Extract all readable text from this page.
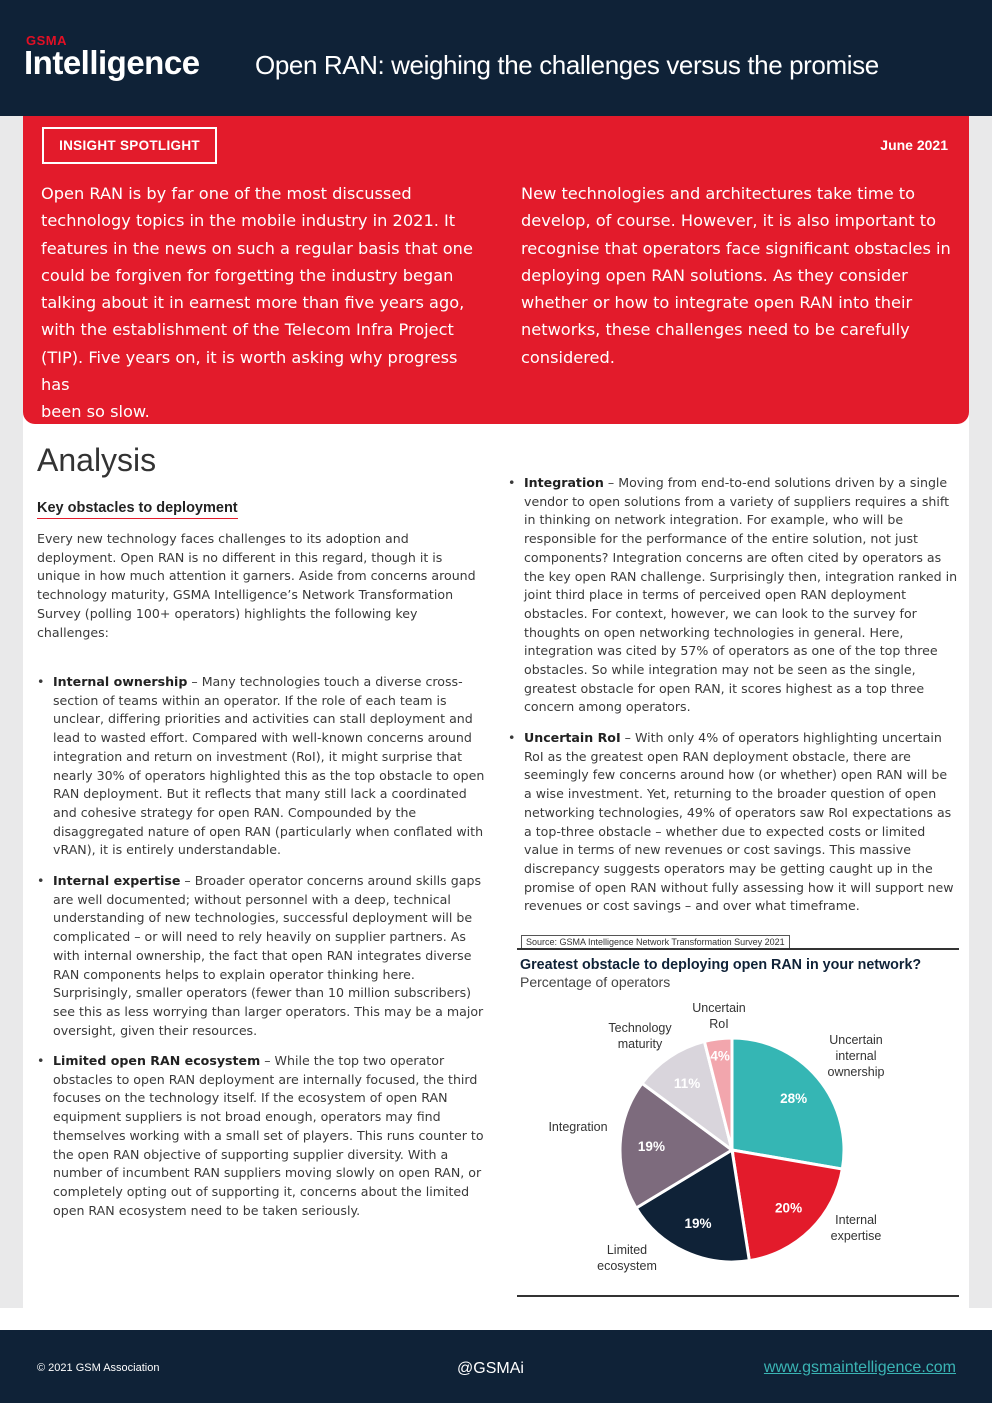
GSMA
Intelligence Open RAN: weighing the challenges versus the promise
INSIGHT SPOTLIGHT	June 2021
Open RAN is by far one of the most discussed
technology topics in the mobile industry in 2021. It
features in the news on such a regular basis that one
could be forgiven for forgetting the industry began
talking about it in earnest more than five years ago,
with the establishment of the Telecom Infra Project
(TIP). Five years on, it is worth asking why progress has
been so slow.
New technologies and architectures take time to
develop, of course. However, it is also important to
recognise that operators face significant obstacles in
deploying open RAN solutions. As they consider
whether or how to integrate open RAN into their
networks, these challenges need to be carefully
considered.
Analysis
Key obstacles to deployment
Every new technology faces challenges to its adoption and
deployment. Open RAN is no different in this regard, though it is
unique in how much attention it garners. Aside from concerns around
technology maturity, GSMA Intelligence’s Network Transformation
Survey (polling 100+ operators) highlights the following key
challenges:
• Internal ownership – Many technologies touch a diverse cross-
section of teams within an operator. If the role of each team is
unclear, differing priorities and activities can stall deployment and
lead to wasted effort. Compared with well-known concerns around
integration and return on investment (RoI), it might surprise that
nearly 30% of operators highlighted this as the top obstacle to open
RAN deployment. But it reflects that many still lack a coordinated
and cohesive strategy for open RAN. Compounded by the
disaggregated nature of open RAN (particularly when conflated with
vRAN), it is entirely understandable.
• Internal expertise – Broader operator concerns around skills gaps
are well documented; without personnel with a deep, technical
understanding of new technologies, successful deployment will be
complicated – or will need to rely heavily on supplier partners. As
with internal ownership, the fact that open RAN integrates diverse
RAN components helps to explain operator thinking here.
Surprisingly, smaller operators (fewer than 10 million subscribers)
see this as less worrying than larger operators. This may be a major
oversight, given their resources.
• Limited open RAN ecosystem – While the top two operator
obstacles to open RAN deployment are internally focused, the third
focuses on the technology itself. If the ecosystem of open RAN
equipment suppliers is not broad enough, operators may find
themselves working with a small set of players. This runs counter to
the open RAN objective of supporting supplier diversity. With a
number of incumbent RAN suppliers moving slowly on open RAN, or
completely opting out of supporting it, concerns about the limited
open RAN ecosystem need to be taken seriously.
• Integration – Moving from end-to-end solutions driven by a single
vendor to open solutions from a variety of suppliers requires a shift
in thinking on network integration. For example, who will be
responsible for the performance of the entire solution, not just
components? Integration concerns are often cited by operators as
the key open RAN challenge. Surprisingly then, integration ranked in
joint third place in terms of perceived open RAN deployment
obstacles. For context, however, we can look to the survey for
thoughts on open networking technologies in general. Here,
integration was cited by 57% of operators as one of the top three
obstacles. So while integration may not be seen as the single,
greatest obstacle for open RAN, it scores highest as a top three
concern among operators.
• Uncertain RoI – With only 4% of operators highlighting uncertain
RoI as the greatest open RAN deployment obstacle, there are
seemingly few concerns around how (or whether) open RAN will be
a wise investment. Yet, returning to the broader question of open
networking technologies, 49% of operators saw RoI expectations as
a top-three obstacle – whether due to expected costs or limited
value in terms of new revenues or cost savings. This massive
discrepancy suggests operators may be getting caught up in the
promise of open RAN without fully assessing how it will support new
revenues or cost savings – and over what timeframe.
Source: GSMA Intelligence Network Transformation Survey 2021
Greatest obstacle to deploying open RAN in your network?
Percentage of operators
28%
Uncertain internal ownership
20%
Internal expertise
19%
Limited ecosystem
19%
Integration
11%
Technology maturity
4%
Uncertain RoI
© 2021 GSM Association	@GSMAi	www.gsmaintelligence.com
